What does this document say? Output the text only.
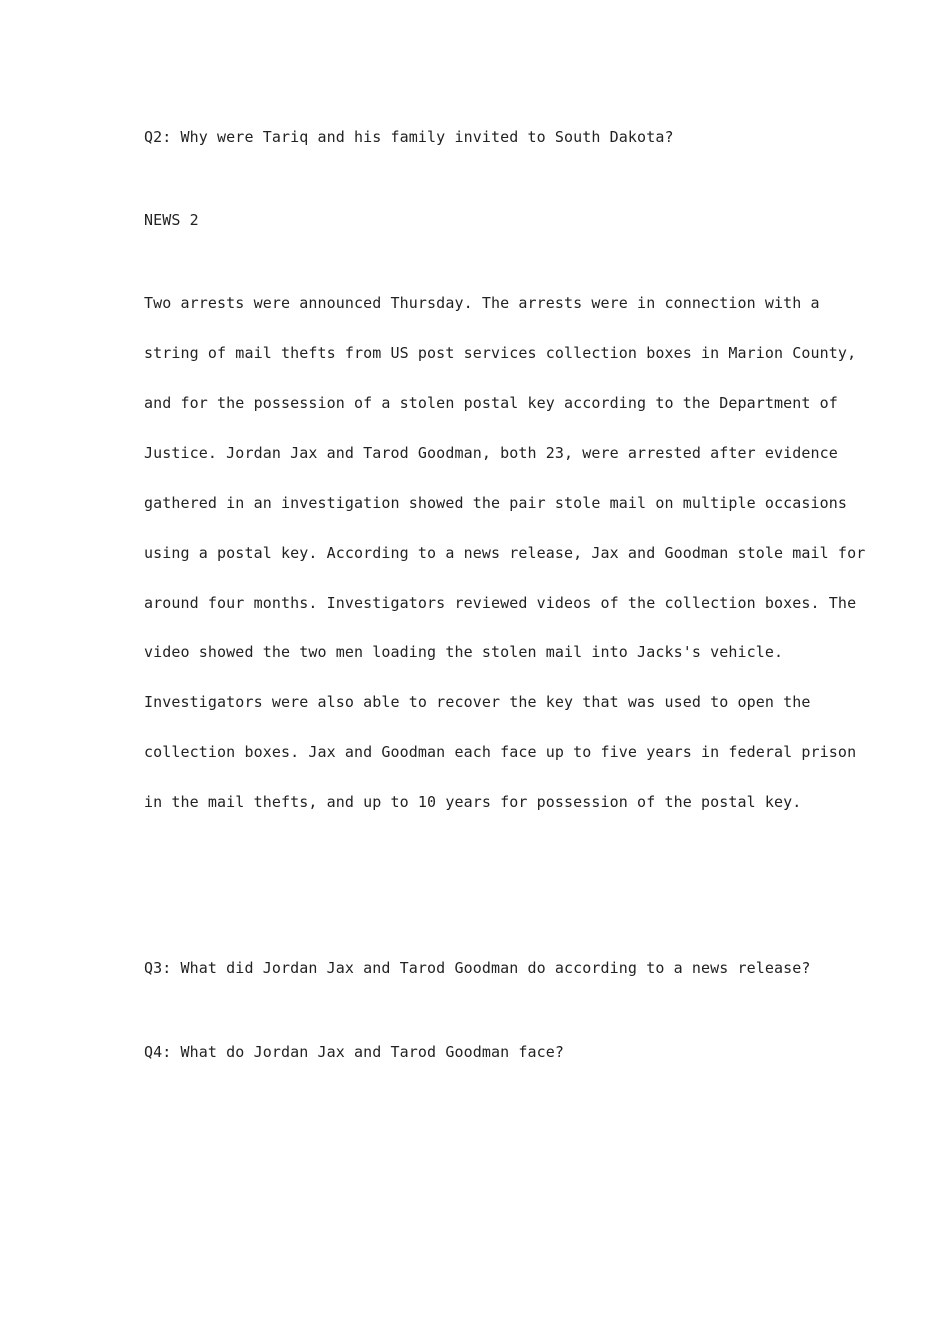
Q2: Why were Tariq and his family invited to South Dakota?
NEWS 2
Two arrests were announced Thursday. The arrests were in connection with a
string of mail thefts from US post services collection boxes in Marion County,
and for the possession of a stolen postal key according to the Department of
Justice. Jordan Jax and Tarod Goodman, both 23, were arrested after evidence
gathered in an investigation showed the pair stole mail on multiple occasions
using a postal key. According to a news release, Jax and Goodman stole mail for
around four months. Investigators reviewed videos of the collection boxes. The
video showed the two men loading the stolen mail into Jacks's vehicle.
Investigators were also able to recover the key that was used to open the
collection boxes. Jax and Goodman each face up to five years in federal prison
in the mail thefts, and up to 10 years for possession of the postal key.
Q3: What did Jordan Jax and Tarod Goodman do according to a news release?
Q4: What do Jordan Jax and Tarod Goodman face?
